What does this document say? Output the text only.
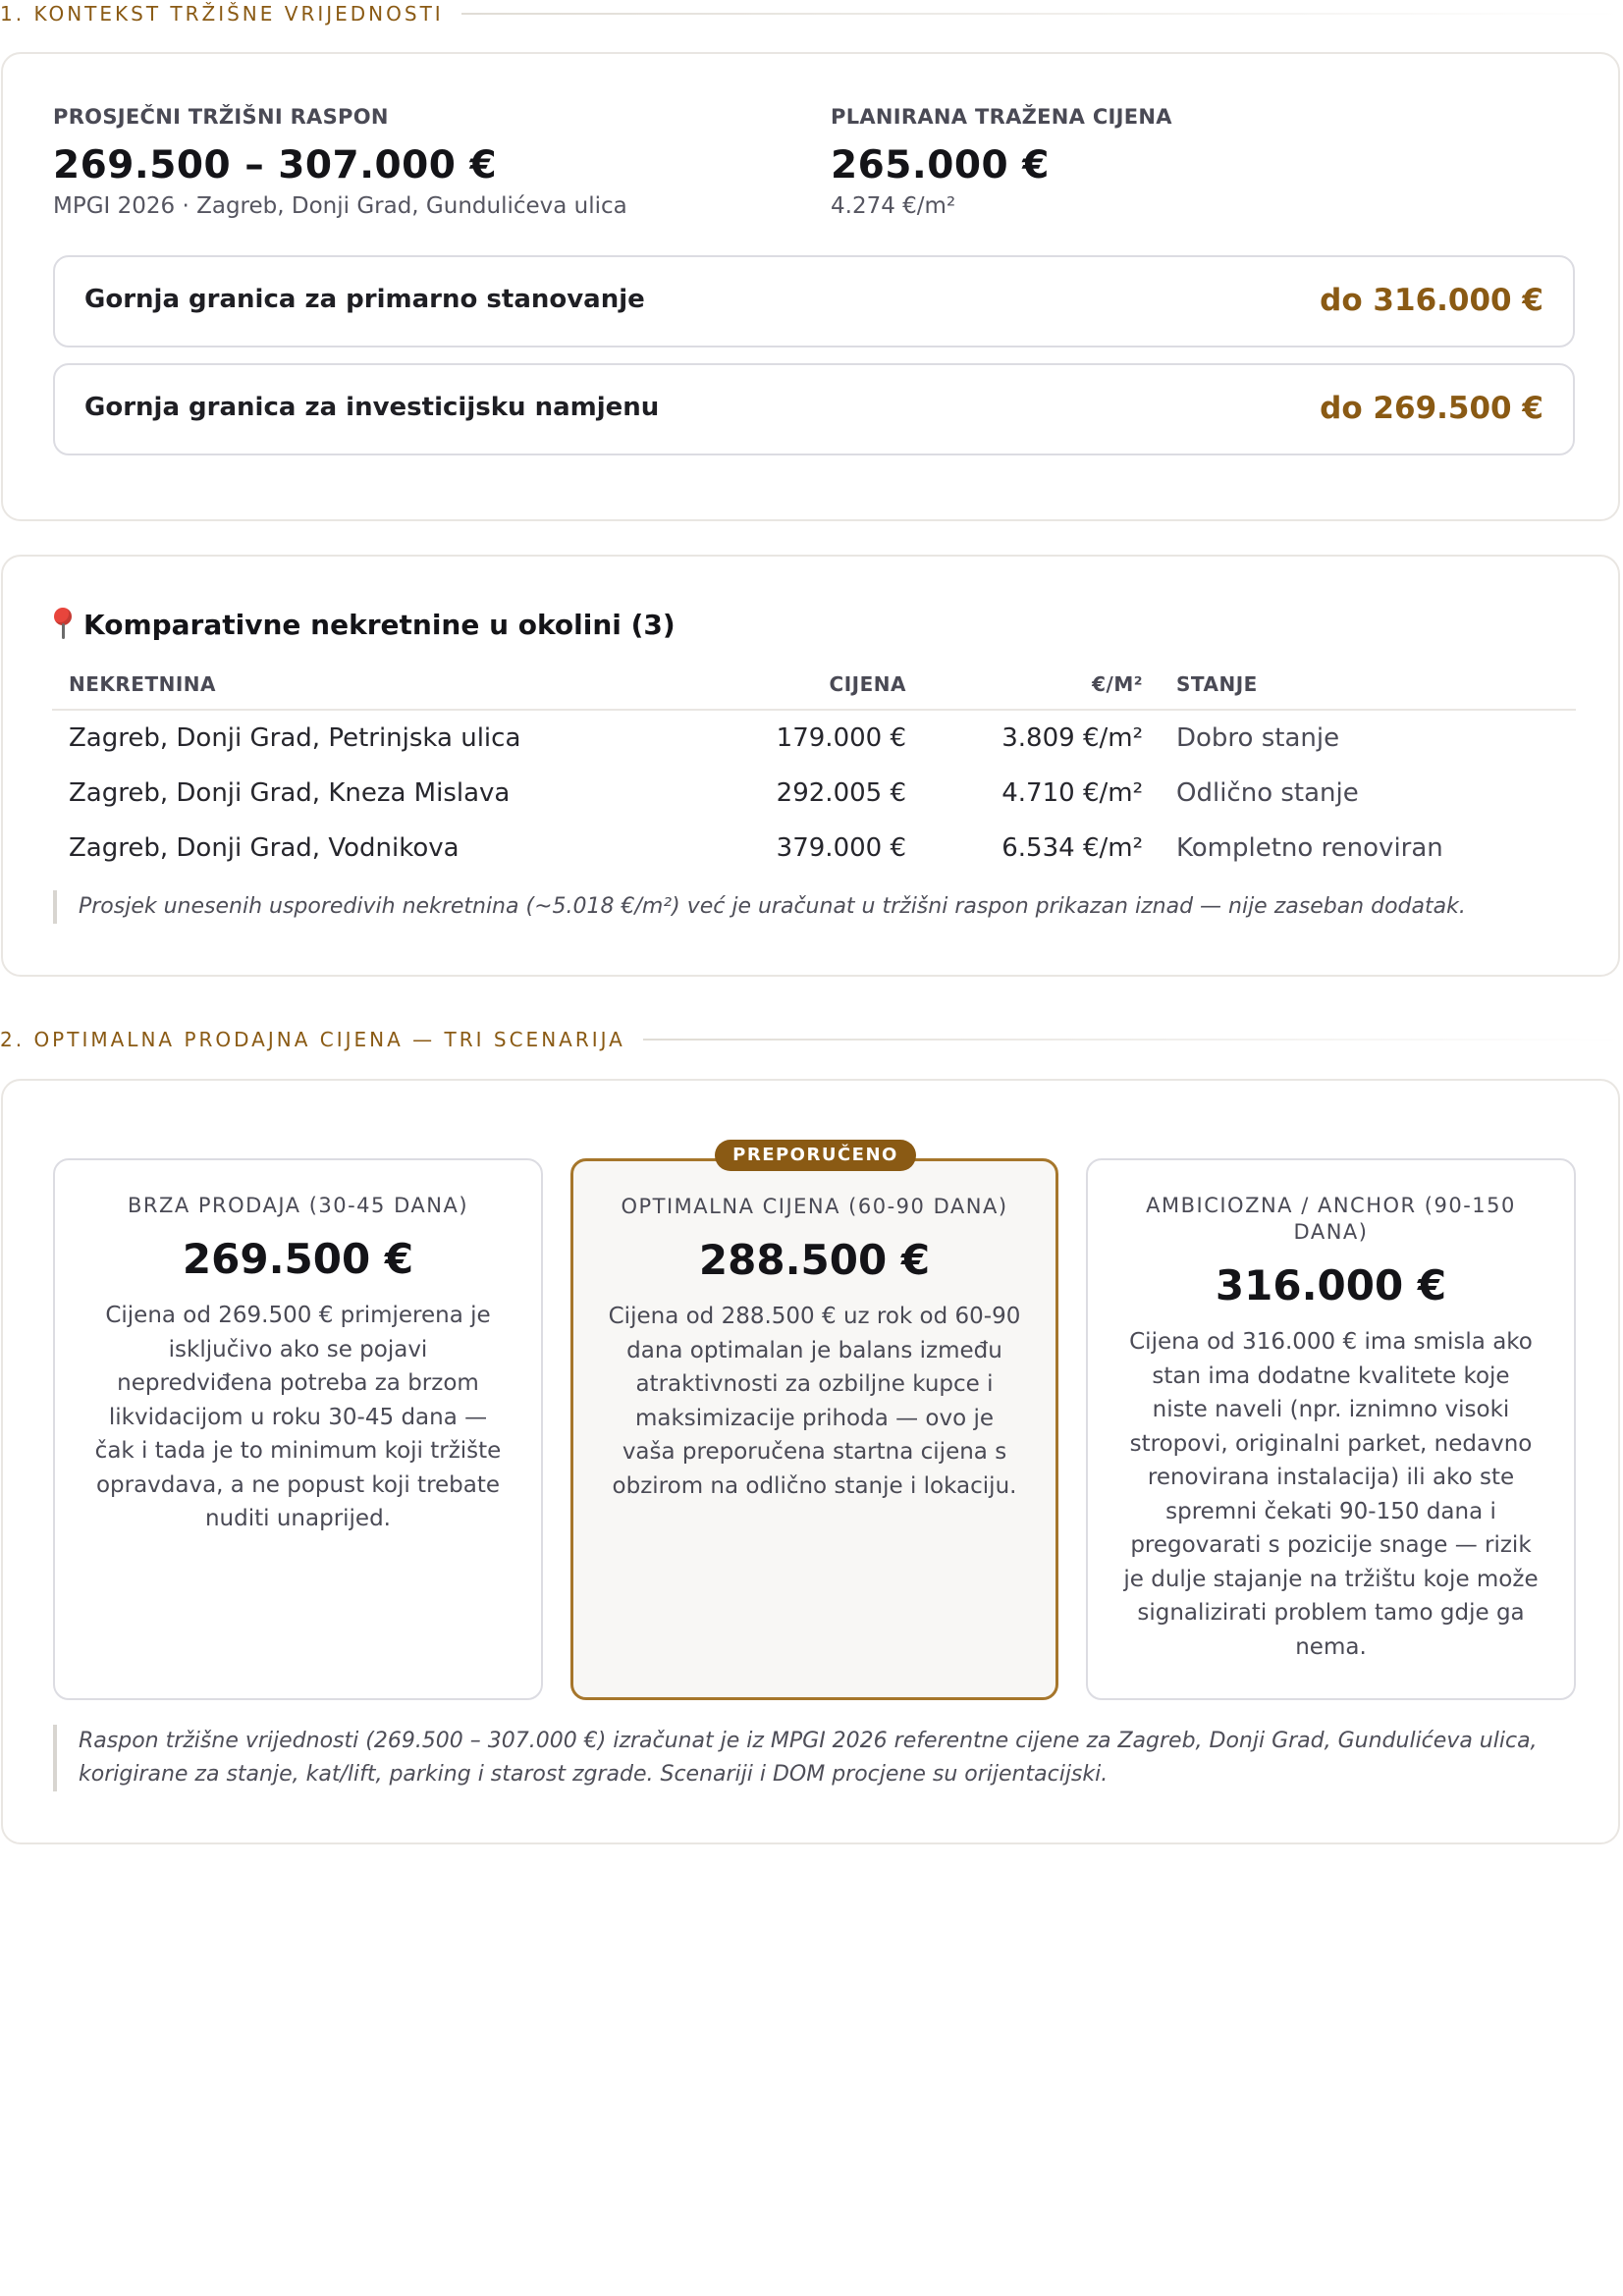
1. KONTEKST TRŽIŠNE VRIJEDNOSTI
PROSJEČNI TRŽIŠNI RASPON
269.500 – 307.000 €
MPGI 2026 · Zagreb, Donji Grad, Gundulićeva ulica
PLANIRANA TRAŽENA CIJENA
265.000 €
4.274 €/m²
Gornja granica za primarno stanovanje	do 316.000 €
Gornja granica za investicijsku namjenu	do 269.500 €
Komparativne nekretnine u okolini (3)
NEKRETNINA	CIJENA	€/M² STANJE
Zagreb, Donji Grad, Petrinjska ulica	179.000 €	3.809 €/m² Dobro stanje
Zagreb, Donji Grad, Kneza Mislava	292.005 €	4.710 €/m² Odlično stanje
Zagreb, Donji Grad, Vodnikova	379.000 €	6.534 €/m² Kompletno renoviran
Prosjek unesenih usporedivih nekretnina (~5.018 €/m²) već je uračunat u tržišni raspon prikazan iznad — nije zaseban dodatak.
2. OPTIMALNA PRODAJNA CIJENA — TRI SCENARIJA
BRZA PRODAJA (30-45 DANA)
269.500 €
Cijena od 269.500 € primjerena je isključivo ako se pojavi nepredviđena potreba za brzom likvidacijom u roku 30-45 dana — čak i tada je to minimum koji tržište opravdava, a ne popust koji trebate nuditi unaprijed.
OPTIMALNA CIJENA (60-90 DANA)
288.500 €
Cijena od 288.500 € uz rok od 60-90 dana optimalan je balans između atraktivnosti za ozbiljne kupce i maksimizacije prihoda — ovo je vaša preporučena startna cijena s obzirom na odlično stanje i lokaciju.
PREPORUČENO
AMBICIOZNA / ANCHOR (90-150 DANA)
316.000 €
Cijena od 316.000 € ima smisla ako stan ima dodatne kvalitete koje niste naveli (npr. iznimno visoki stropovi, originalni parket, nedavno renovirana instalacija) ili ako ste spremni čekati 90-150 dana i pregovarati s pozicije snage — rizik je dulje stajanje na tržištu koje može signalizirati problem tamo gdje ga nema.
Raspon tržišne vrijednosti (269.500 – 307.000 €) izračunat je iz MPGI 2026 referentne cijene za Zagreb, Donji Grad, Gundulićeva ulica, korigirane za stanje, kat/lift, parking i starost zgrade. Scenariji i DOM procjene su orijentacijski.
